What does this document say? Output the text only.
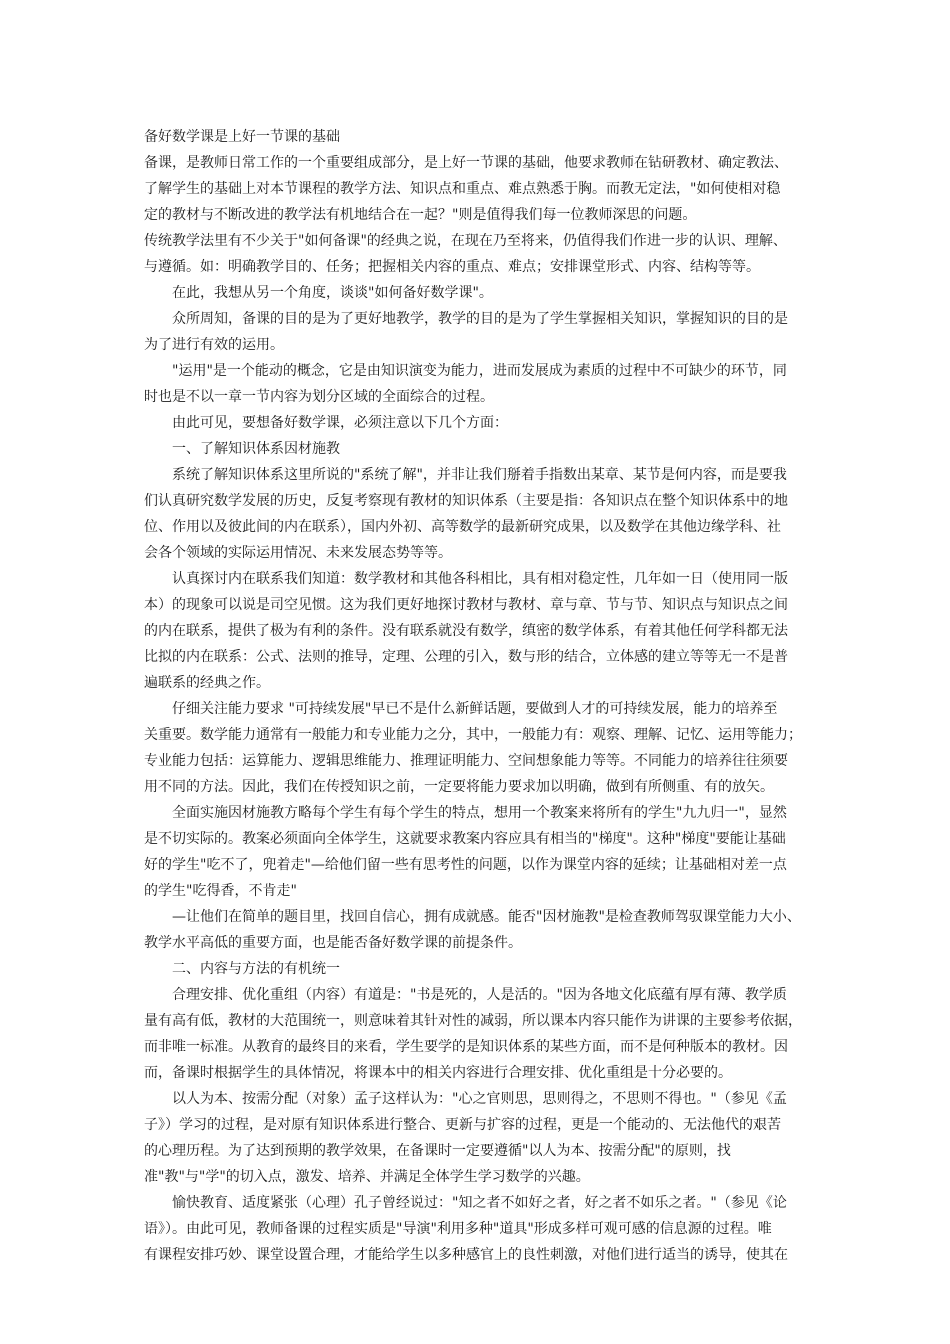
备好数学课是上好一节课的基础
备课，是教师日常工作的一个重要组成部分，是上好一节课的基础，他要求教师在钻研教材、确定教法、
了解学生的基础上对本节课程的教学方法、知识点和重点、难点熟悉于胸。而教无定法，"如何使相对稳
定的教材与不断改进的教学法有机地结合在一起？"则是值得我们每一位教师深思的问题。
传统教学法里有不少关于"如何备课"的经典之说，在现在乃至将来，仍值得我们作进一步的认识、理解、
与遵循。如：明确教学目的、任务；把握相关内容的重点、难点；安排课堂形式、内容、结构等等。
　　在此，我想从另一个角度，谈谈"如何备好数学课"。
　　众所周知，备课的目的是为了更好地教学，教学的目的是为了学生掌握相关知识，掌握知识的目的是
为了进行有效的运用。
　　"运用"是一个能动的概念，它是由知识演变为能力，进而发展成为素质的过程中不可缺少的环节，同
时也是不以一章一节内容为划分区域的全面综合的过程。
　　由此可见，要想备好数学课，必须注意以下几个方面：
　　一、了解知识体系因材施教
　　系统了解知识体系这里所说的"系统了解"，并非让我们掰着手指数出某章、某节是何内容，而是要我
们认真研究数学发展的历史，反复考察现有教材的知识体系（主要是指：各知识点在整个知识体系中的地
位、作用以及彼此间的内在联系），国内外初、高等数学的最新研究成果，以及数学在其他边缘学科、社
会各个领域的实际运用情况、未来发展态势等等。
　　认真探讨内在联系我们知道：数学教材和其他各科相比，具有相对稳定性，几年如一日（使用同一版
本）的现象可以说是司空见惯。这为我们更好地探讨教材与教材、章与章、节与节、知识点与知识点之间
的内在联系，提供了极为有利的条件。没有联系就没有数学，缜密的数学体系，有着其他任何学科都无法
比拟的内在联系：公式、法则的推导，定理、公理的引入，数与形的结合，立体感的建立等等无一不是普
遍联系的经典之作。
　　仔细关注能力要求 "可持续发展"早已不是什么新鲜话题，要做到人才的可持续发展，能力的培养至
关重要。数学能力通常有一般能力和专业能力之分，其中，一般能力有：观察、理解、记忆、运用等能力；
专业能力包括：运算能力、逻辑思维能力、推理证明能力、空间想象能力等等。不同能力的培养往往须要
用不同的方法。因此，我们在传授知识之前，一定要将能力要求加以明确，做到有所侧重、有的放矢。
　　全面实施因材施教方略每个学生有每个学生的特点，想用一个教案来将所有的学生"九九归一"，显然
是不切实际的。教案必须面向全体学生，这就要求教案内容应具有相当的"梯度"。这种"梯度"要能让基础
好的学生"吃不了，兜着走"—给他们留一些有思考性的问题，以作为课堂内容的延续；让基础相对差一点
的学生"吃得香，不肯走"
　　—让他们在简单的题目里，找回自信心，拥有成就感。能否"因材施教"是检查教师驾驭课堂能力大小、
教学水平高低的重要方面，也是能否备好数学课的前提条件。
　　二、内容与方法的有机统一
　　合理安排、优化重组（内容）有道是："书是死的，人是活的。"因为各地文化底蕴有厚有薄、教学质
量有高有低，教材的大范围统一，则意味着其针对性的减弱，所以课本内容只能作为讲课的主要参考依据，
而非唯一标准。从教育的最终目的来看，学生要学的是知识体系的某些方面，而不是何种版本的教材。因
而，备课时根据学生的具体情况，将课本中的相关内容进行合理安排、优化重组是十分必要的。
　　以人为本、按需分配（对象）孟子这样认为："心之官则思，思则得之，不思则不得也。"（参见《孟
子》）学习的过程，是对原有知识体系进行整合、更新与扩容的过程，更是一个能动的、无法他代的艰苦
的心理历程。为了达到预期的教学效果，在备课时一定要遵循"以人为本、按需分配"的原则，找
准"教"与"学"的切入点，激发、培养、并满足全体学生学习数学的兴趣。
　　愉快教育、适度紧张（心理）孔子曾经说过："知之者不如好之者，好之者不如乐之者。"（参见《论
语》）。由此可见，教师备课的过程实质是"导演"利用多种"道具"形成多样可观可感的信息源的过程。唯
有课程安排巧妙、课堂设置合理，才能给学生以多种感官上的良性刺激，对他们进行适当的诱导，使其在
